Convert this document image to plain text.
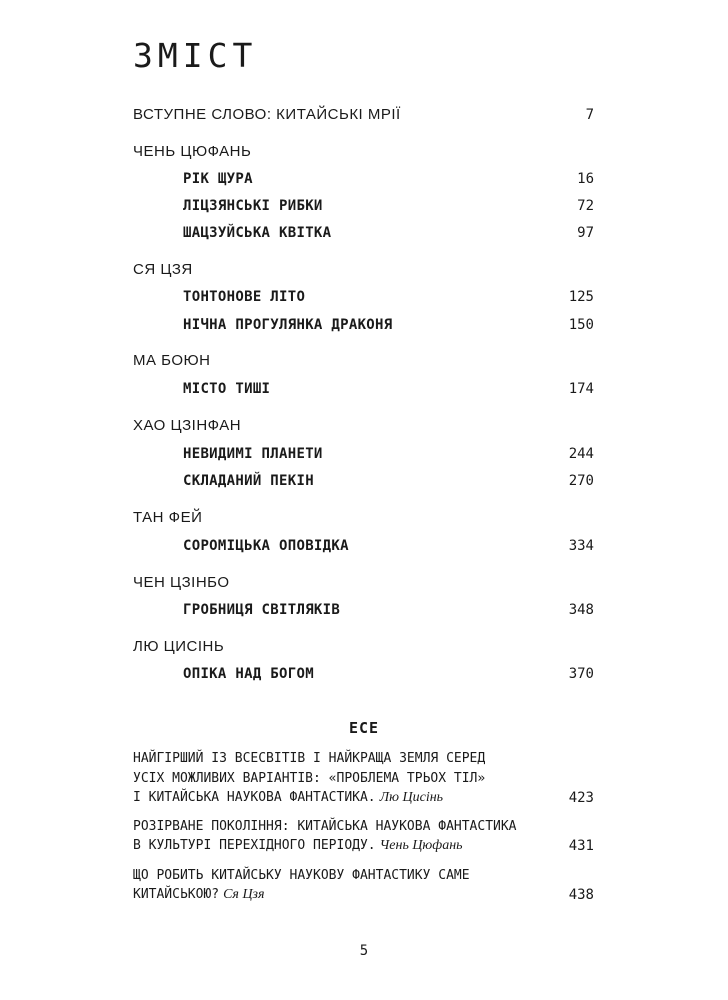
ЗМІСТ
ВСТУПНЕ СЛОВО: КИТАЙСЬКІ МРІЇ	7
ЧЕНЬ ЦЮФАНЬ
РІК ЩУРА	16
ЛІЦЗЯНСЬКІ РИБКИ	72
ШАЦЗУЙСЬКА КВІТКА	97
СЯ ЦЗЯ
ТОНТОНОВЕ ЛІТО	125
НІЧНА ПРОГУЛЯНКА ДРАКОНЯ	150
МА БОЮН
МІСТО ТИШІ	174
ХАО ЦЗІНФАН
НЕВИДИМІ ПЛАНЕТИ	244
СКЛАДАНИЙ ПЕКІН	270
ТАН ФЕЙ
СОРОМІЦЬКА ОПОВІДКА	334
ЧЕН ЦЗІНБО
ГРОБНИЦЯ СВІТЛЯКІВ	348
ЛЮ ЦИСІНЬ
ОПІКА НАД БОГОМ	370
ЕСЕ
НАЙГІРШИЙ ІЗ ВСЕСВІТІВ І НАЙКРАЩА ЗЕМЛЯ СЕРЕД
УСІХ МОЖЛИВИХ ВАРІАНТІВ: «ПРОБЛЕМА ТРЬОХ ТІЛ»
І КИТАЙСЬКА НАУКОВА ФАНТАСТИКА. Лю Цисінь	423
РОЗІРВАНЕ ПОКОЛІННЯ: КИТАЙСЬКА НАУКОВА ФАНТАСТИКА
В КУЛЬТУРІ ПЕРЕХІДНОГО ПЕРІОДУ. Чень Цюфань	431
ЩО РОБИТЬ КИТАЙСЬКУ НАУКОВУ ФАНТАСТИКУ САМЕ
КИТАЙСЬКОЮ? Ся Цзя	438
5
